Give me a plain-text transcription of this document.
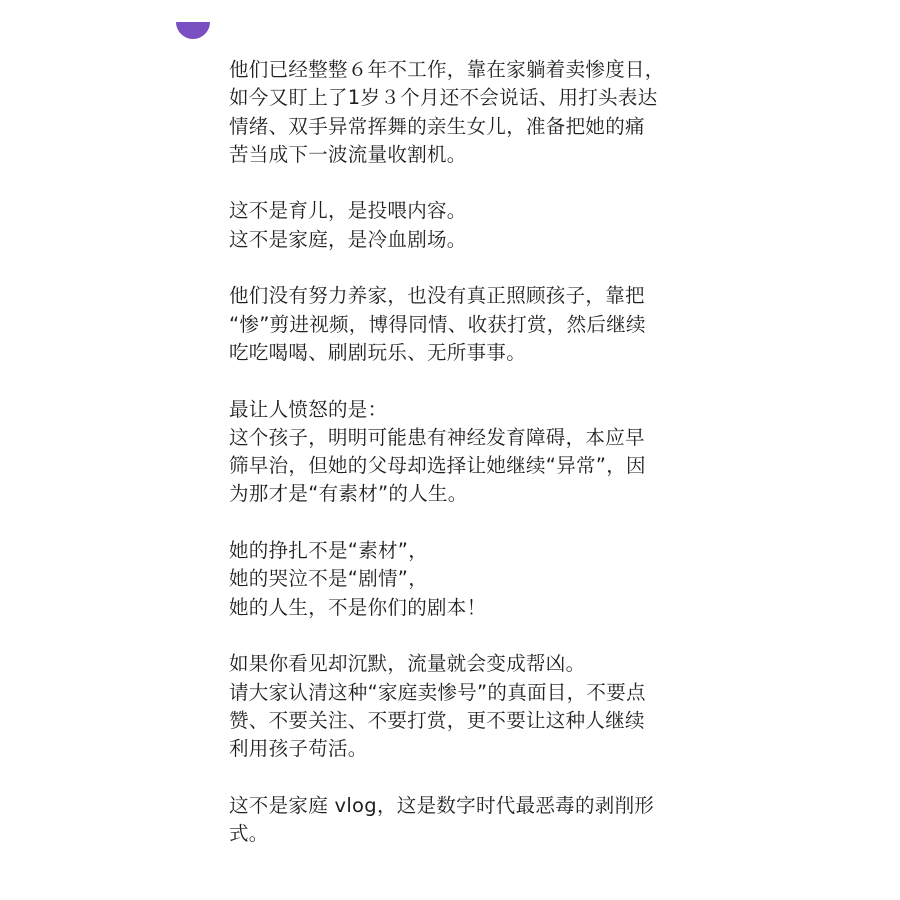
他们已经整整６年不工作，靠在家躺着卖惨度日，
如今又盯上了1岁３个月还不会说话、用打头表达
情绪、双手异常挥舞的亲生女儿，准备把她的痛
苦当成下一波流量收割机。

这不是育儿，是投喂内容。
这不是家庭，是冷血剧场。

他们没有努力养家，也没有真正照顾孩子，靠把
“惨”剪进视频，博得同情、收获打赏，然后继续
吃吃喝喝、刷剧玩乐、无所事事。

最让人愤怒的是：
这个孩子，明明可能患有神经发育障碍，本应早
筛早治，但她的父母却选择让她继续“异常”，因
为那才是“有素材”的人生。

她的挣扎不是“素材”，
她的哭泣不是“剧情”，
她的人生，不是你们的剧本！

如果你看见却沉默，流量就会变成帮凶。
请大家认清这种“家庭卖惨号”的真面目，不要点
赞、不要关注、不要打赏，更不要让这种人继续
利用孩子苟活。

这不是家庭 vlog，这是数字时代最恶毒的剥削形
式。
